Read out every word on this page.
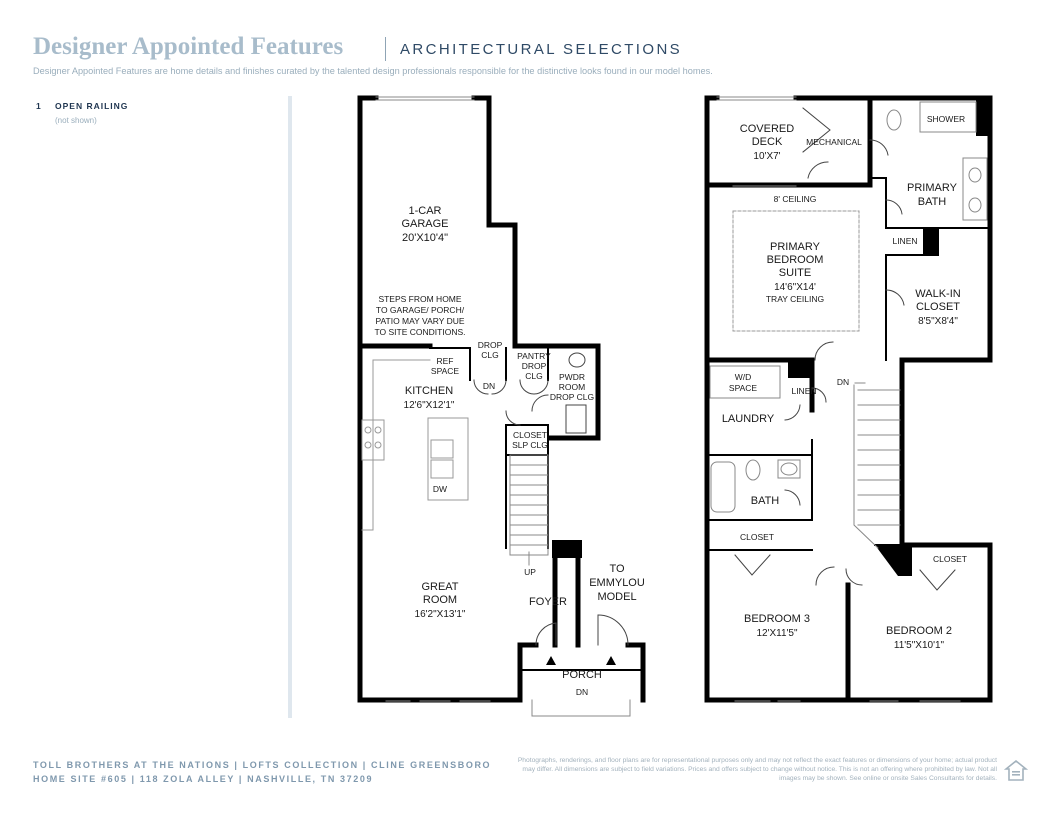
Designer Appointed Features	ARCHITECTURAL SELECTIONS
Designer Appointed Features are home details and finishes curated by the talented design professionals responsible for the distinctive looks found in our model homes.
1 OPEN RAILING
(not shown)
1-CAR
GARAGE
20'X10'4"
STEPS FROM HOME
TO GARAGE/ PORCH/
PATIO MAY VARY DUE
TO SITE CONDITIONS.
DROP
CLG
REF
SPACE
PANTRY
DROP
CLG PWDR
ROOM
DROP CLG
KITCHEN
12'6"X12'1"
DN
CLOSET
SLP CLG
DW
UP
GREAT
ROOM
16'2"X13'1"
FOYER
TO
EMMYLOU
MODEL
PORCH
DN
COVERED
DECK
10'X7'
MECHANICAL
SHOWER
PRIMARY
BATH
8' CEILING
LINEN
PRIMARY
BEDROOM
SUITE
14'6"X14'
TRAY CEILING	WALK-IN
CLOSET
8'5"X8'4"
W/D
SPACE	LINEN
DN
LAUNDRY
BATH
CLOSET
CLOSET
BEDROOM 3
12'X11'5"	BEDROOM 2
11'5"X10'1"
TOLL BROTHERS AT THE NATIONS | LOFTS COLLECTION | CLINE GREENSBORO
HOME SITE #605 | 118 ZOLA ALLEY | NASHVILLE, TN 37209
Photographs, renderings, and floor plans are for representational purposes only and may not reflect the exact features or dimensions of your home; actual product may differ. All dimensions are subject to field variations. Prices and offers subject to change without notice. This is not an offering where prohibited by law. Not all images may be shown. See online or onsite Sales Consultants for details.
